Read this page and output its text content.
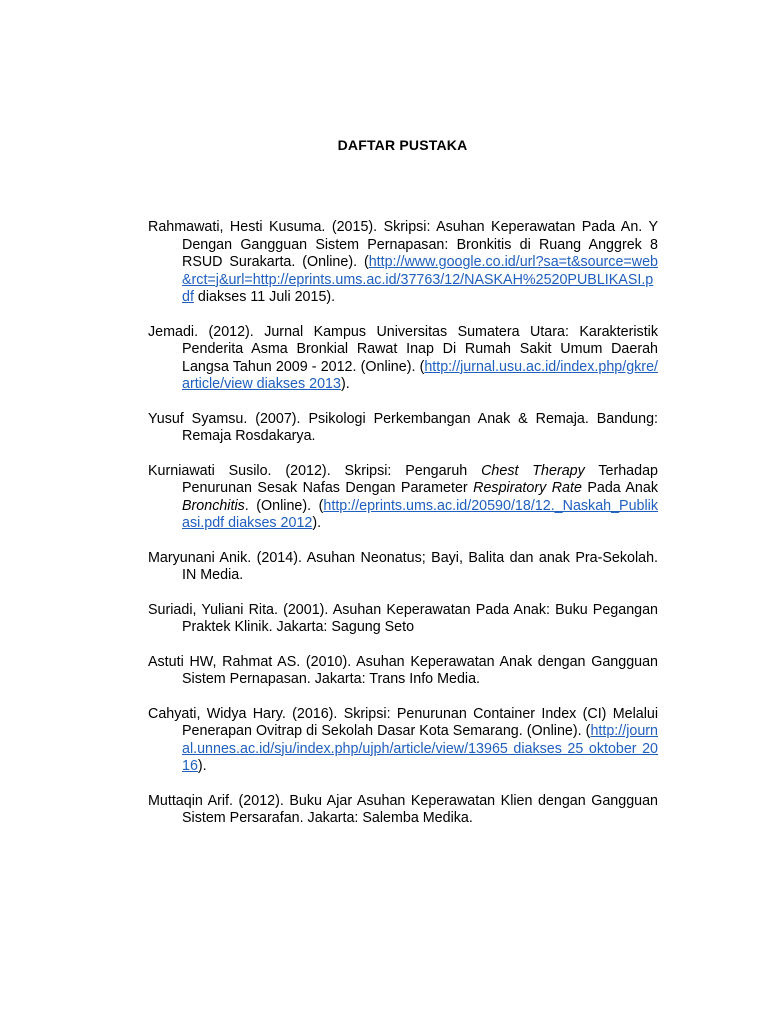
DAFTAR PUSTAKA

Rahmawati, Hesti Kusuma. (2015). Skripsi: Asuhan Keperawatan Pada An. Y Dengan Gangguan Sistem Pernapasan: Bronkitis di Ruang Anggrek 8 RSUD Surakarta. (Online). (http://www.google.co.id/url?sa=t&source=web&rct=j&url=http://eprints.ums.ac.id/37763/12/NASKAH%2520PUBLIKASI.pdf diakses 11 Juli 2015).

Jemadi. (2012). Jurnal Kampus Universitas Sumatera Utara: Karakteristik Penderita Asma Bronkial Rawat Inap Di Rumah Sakit Umum Daerah Langsa Tahun 2009 - 2012. (Online). (http://jurnal.usu.ac.id/index.php/gkre/article/view diakses 2013).

Yusuf Syamsu. (2007). Psikologi Perkembangan Anak & Remaja. Bandung: Remaja Rosdakarya.

Kurniawati Susilo. (2012). Skripsi: Pengaruh Chest Therapy Terhadap Penurunan Sesak Nafas Dengan Parameter Respiratory Rate Pada Anak Bronchitis. (Online). (http://eprints.ums.ac.id/20590/18/12._Naskah_Publikasi.pdf diakses 2012).

Maryunani Anik. (2014). Asuhan Neonatus; Bayi, Balita dan anak Pra-Sekolah. IN Media.

Suriadi, Yuliani Rita. (2001). Asuhan Keperawatan Pada Anak: Buku Pegangan Praktek Klinik. Jakarta: Sagung Seto

Astuti HW, Rahmat AS. (2010). Asuhan Keperawatan Anak dengan Gangguan Sistem Pernapasan. Jakarta: Trans Info Media.

Cahyati, Widya Hary. (2016). Skripsi: Penurunan Container Index (CI) Melalui Penerapan Ovitrap di Sekolah Dasar Kota Semarang. (Online). (http://journal.unnes.ac.id/sju/index.php/ujph/article/view/13965 diakses 25 oktober 2016).

Muttaqin Arif. (2012). Buku Ajar Asuhan Keperawatan Klien dengan Gangguan Sistem Persarafan. Jakarta: Salemba Medika.
